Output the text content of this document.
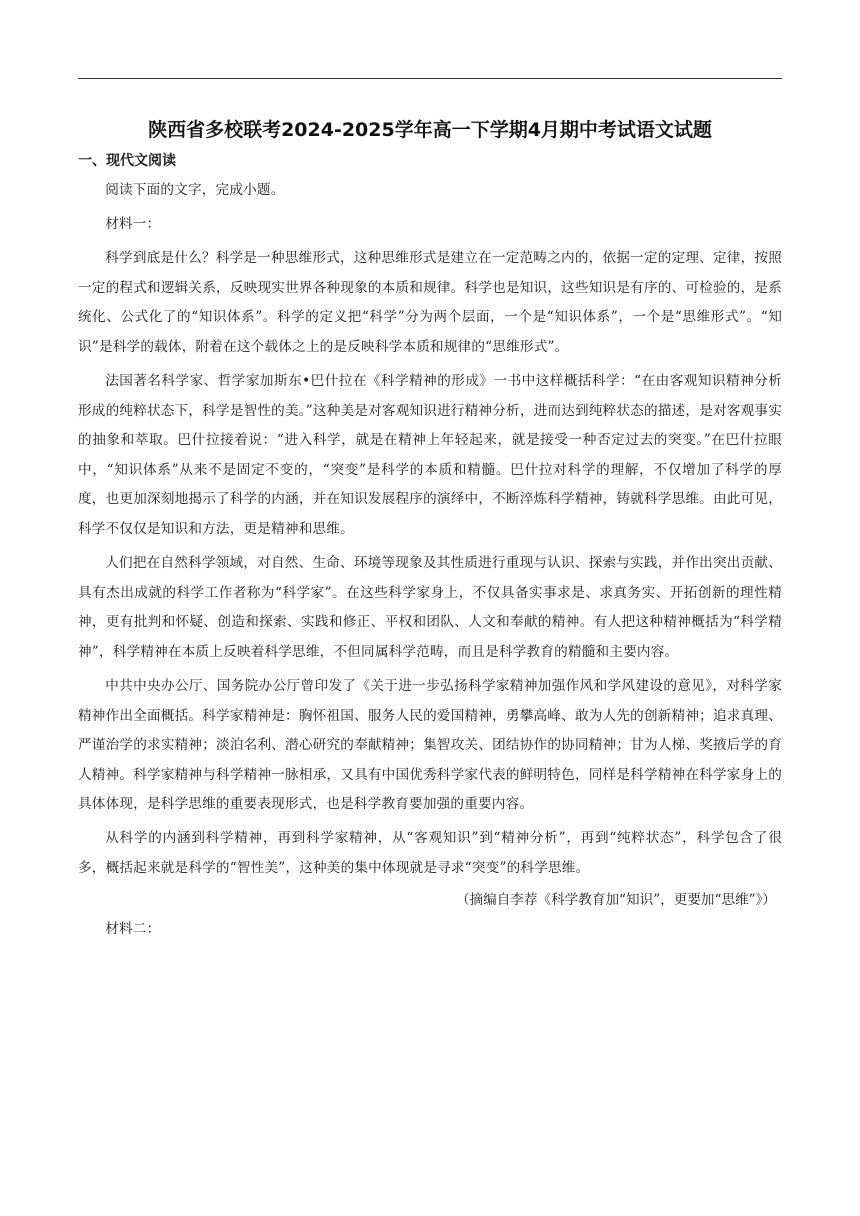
陕西省多校联考2024-2025学年高一下学期4月期中考试语文试题
一、现代文阅读

阅读下面的文字，完成小题。

材料一：

科学到底是什么？科学是一种思维形式，这种思维形式是建立在一定范畴之内的，依据一定的定理、定律，按照一定的程式和逻辑关系，反映现实世界各种现象的本质和规律。科学也是知识，这些知识是有序的、可检验的，是系统化、公式化了的“知识体系”。科学的定义把“科学”分为两个层面，一个是“知识体系”，一个是“思维形式”。“知识”是科学的载体，附着在这个载体之上的是反映科学本质和规律的“思维形式”。

法国著名科学家、哲学家加斯东•巴什拉在《科学精神的形成》一书中这样概括科学：“在由客观知识精神分析形成的纯粹状态下，科学是智性的美。”这种美是对客观知识进行精神分析，进而达到纯粹状态的描述，是对客观事实的抽象和萃取。巴什拉接着说：“进入科学，就是在精神上年轻起来，就是接受一种否定过去的突变。”在巴什拉眼中，“知识体系”从来不是固定不变的，“突变”是科学的本质和精髓。巴什拉对科学的理解，不仅增加了科学的厚度，也更加深刻地揭示了科学的内涵，并在知识发展程序的演绎中，不断淬炼科学精神，铸就科学思维。由此可见，科学不仅仅是知识和方法，更是精神和思维。

人们把在自然科学领域，对自然、生命、环境等现象及其性质进行重现与认识、探索与实践，并作出突出贡献、具有杰出成就的科学工作者称为“科学家”。在这些科学家身上，不仅具备实事求是、求真务实、开拓创新的理性精神，更有批判和怀疑、创造和探索、实践和修正、平权和团队、人文和奉献的精神。有人把这种精神概括为“科学精神”，科学精神在本质上反映着科学思维，不但同属科学范畴，而且是科学教育的精髓和主要内容。

中共中央办公厅、国务院办公厅曾印发了《关于进一步弘扬科学家精神加强作风和学风建设的意见》，对科学家精神作出全面概括。科学家精神是：胸怀祖国、服务人民的爱国精神，勇攀高峰、敢为人先的创新精神；追求真理、严谨治学的求实精神；淡泊名利、潜心研究的奉献精神；集智攻关、团结协作的协同精神；甘为人梯、奖掖后学的育人精神。科学家精神与科学精神一脉相承，又具有中国优秀科学家代表的鲜明特色，同样是科学精神在科学家身上的具体体现，是科学思维的重要表现形式，也是科学教育要加强的重要内容。

从科学的内涵到科学精神，再到科学家精神，从“客观知识”到“精神分析”，再到“纯粹状态”，科学包含了很多，概括起来就是科学的“智性美”，这种美的集中体现就是寻求“突变”的科学思维。

（摘编自李荐《科学教育加“知识”，更要加“思维”》）

材料二：
